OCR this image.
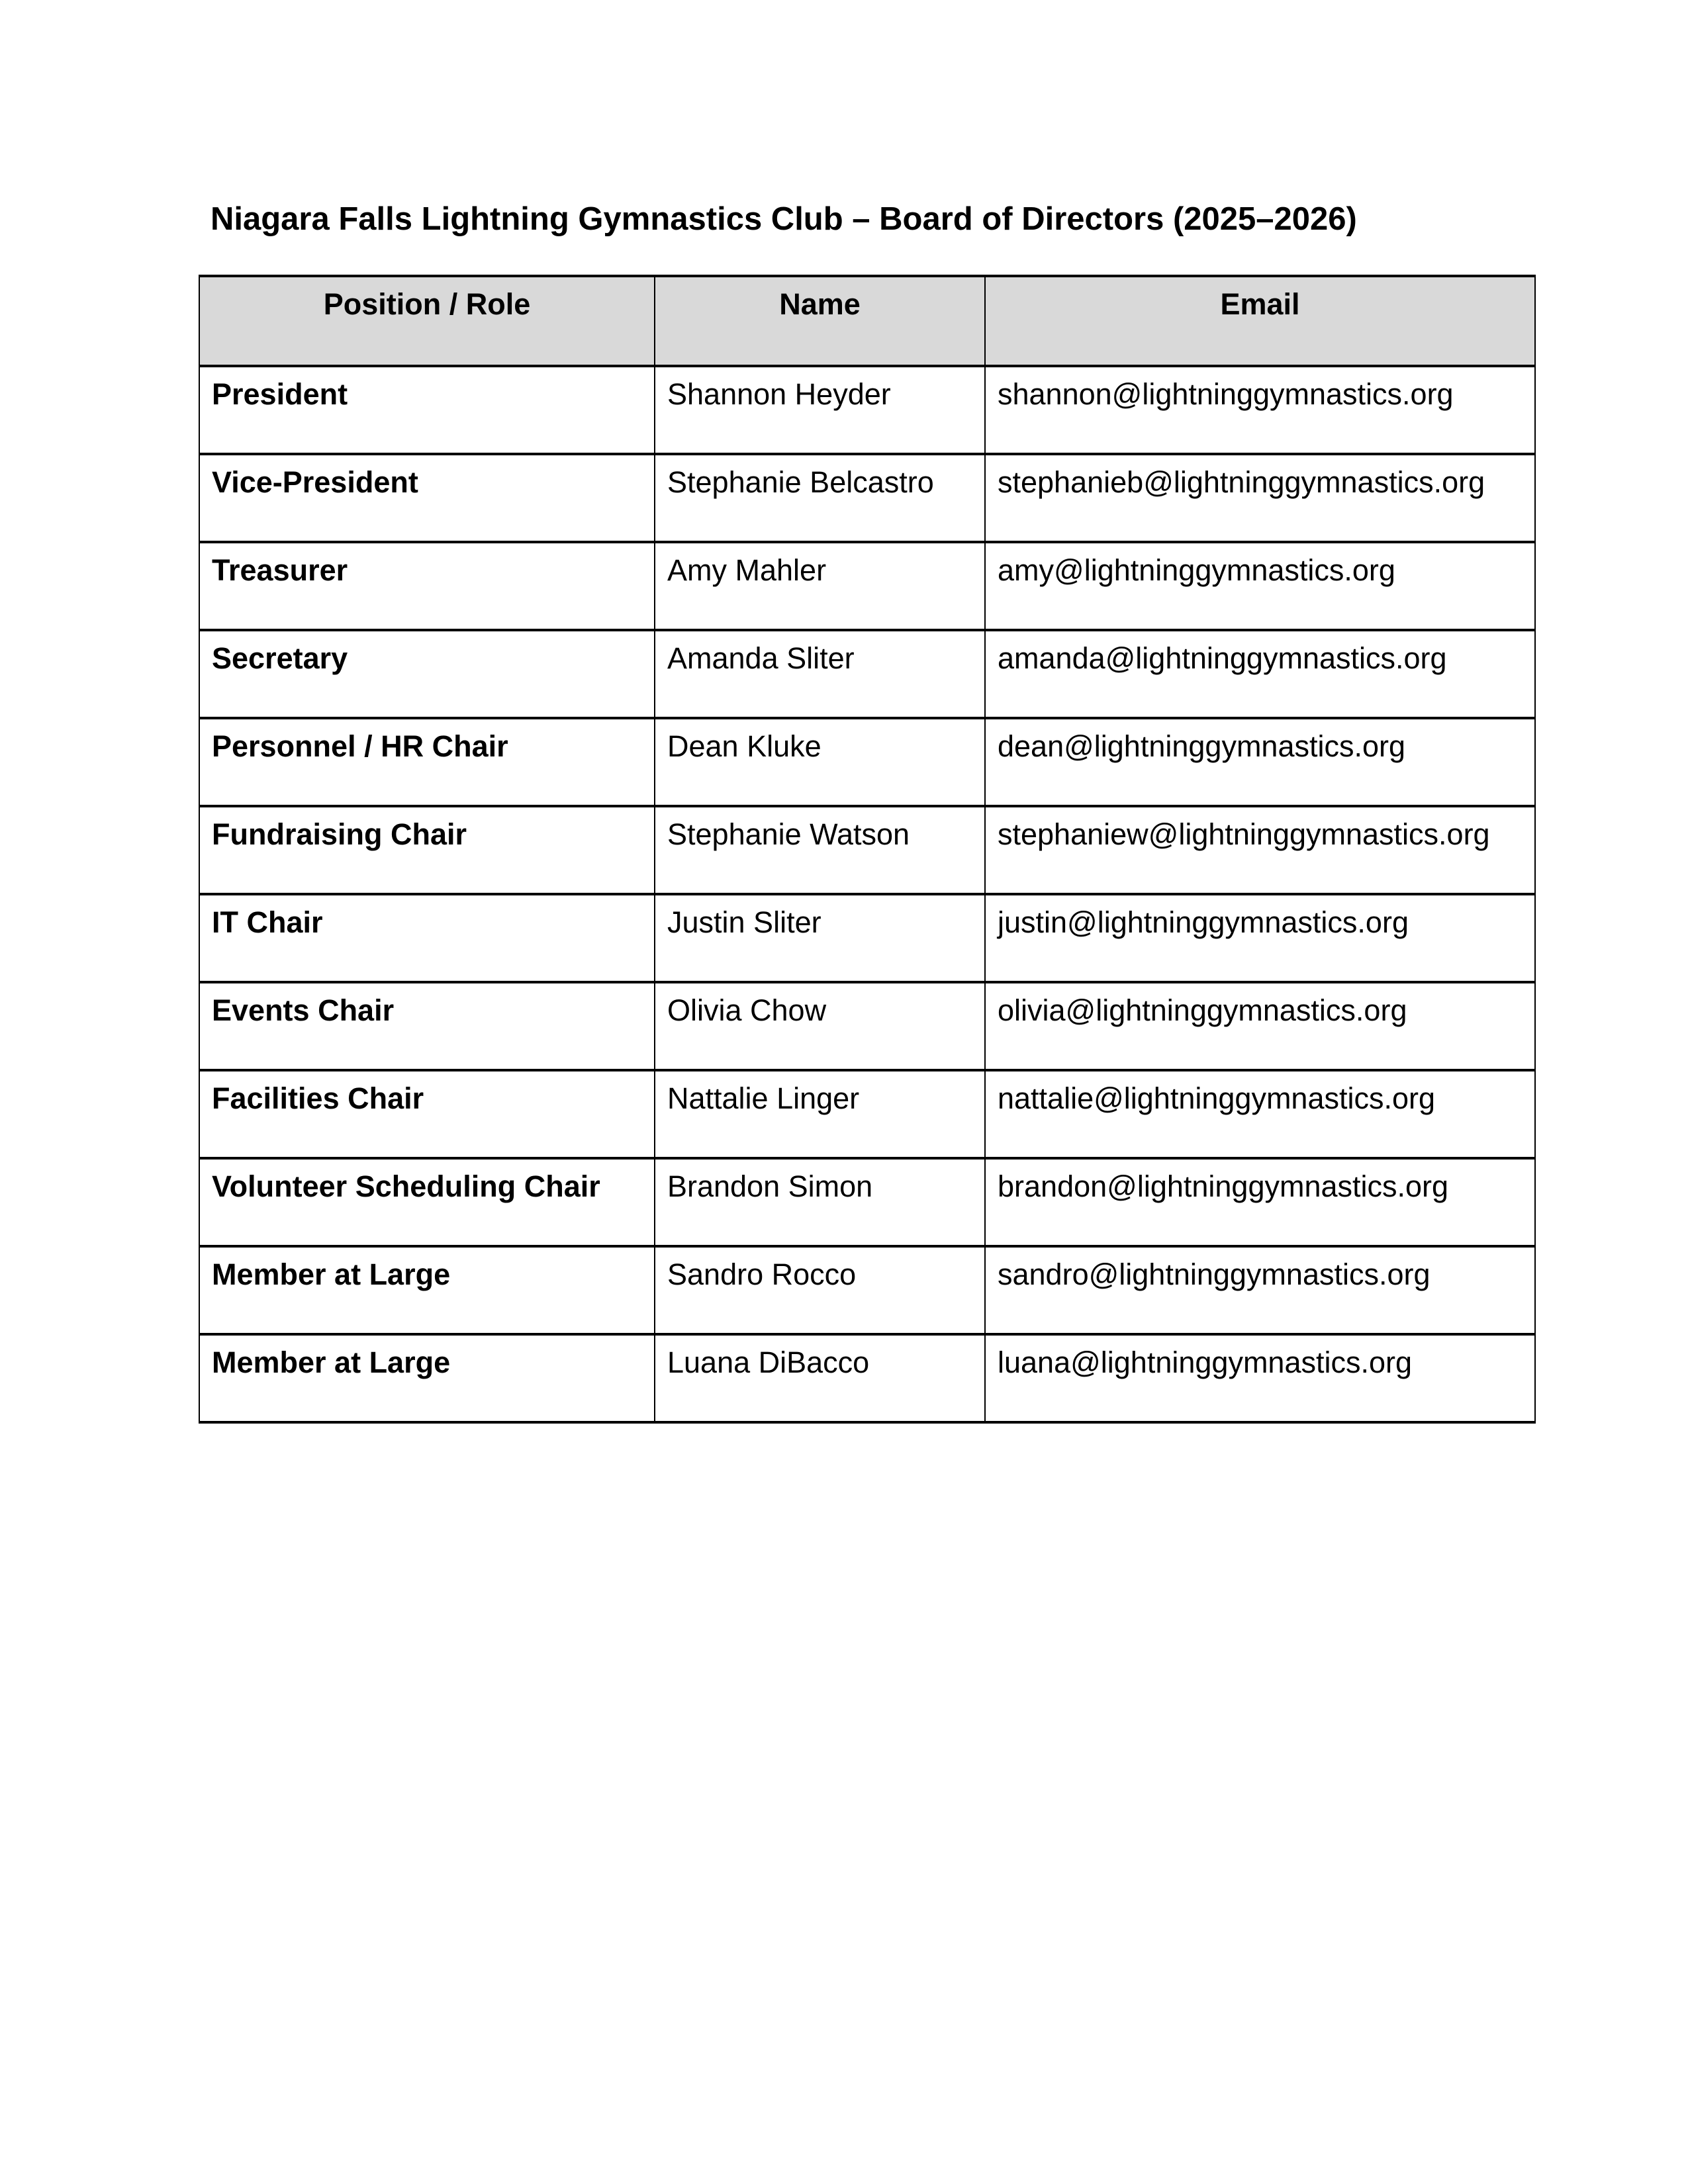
Niagara Falls Lightning Gymnastics Club – Board of Directors (2025–2026)
Position / Role	Name	Email
President	Shannon Heyder	shannon@lightninggymnastics.org
Vice-President	Stephanie Belcastro	stephanieb@lightninggymnastics.org
Treasurer	Amy Mahler	amy@lightninggymnastics.org
Secretary	Amanda Sliter	amanda@lightninggymnastics.org
Personnel / HR Chair	Dean Kluke	dean@lightninggymnastics.org
Fundraising Chair	Stephanie Watson	stephaniew@lightninggymnastics.org
IT Chair	Justin Sliter	justin@lightninggymnastics.org
Events Chair	Olivia Chow	olivia@lightninggymnastics.org
Facilities Chair	Nattalie Linger	nattalie@lightninggymnastics.org
Volunteer Scheduling Chair	Brandon Simon	brandon@lightninggymnastics.org
Member at Large	Sandro Rocco	sandro@lightninggymnastics.org
Member at Large	Luana DiBacco	luana@lightninggymnastics.org
